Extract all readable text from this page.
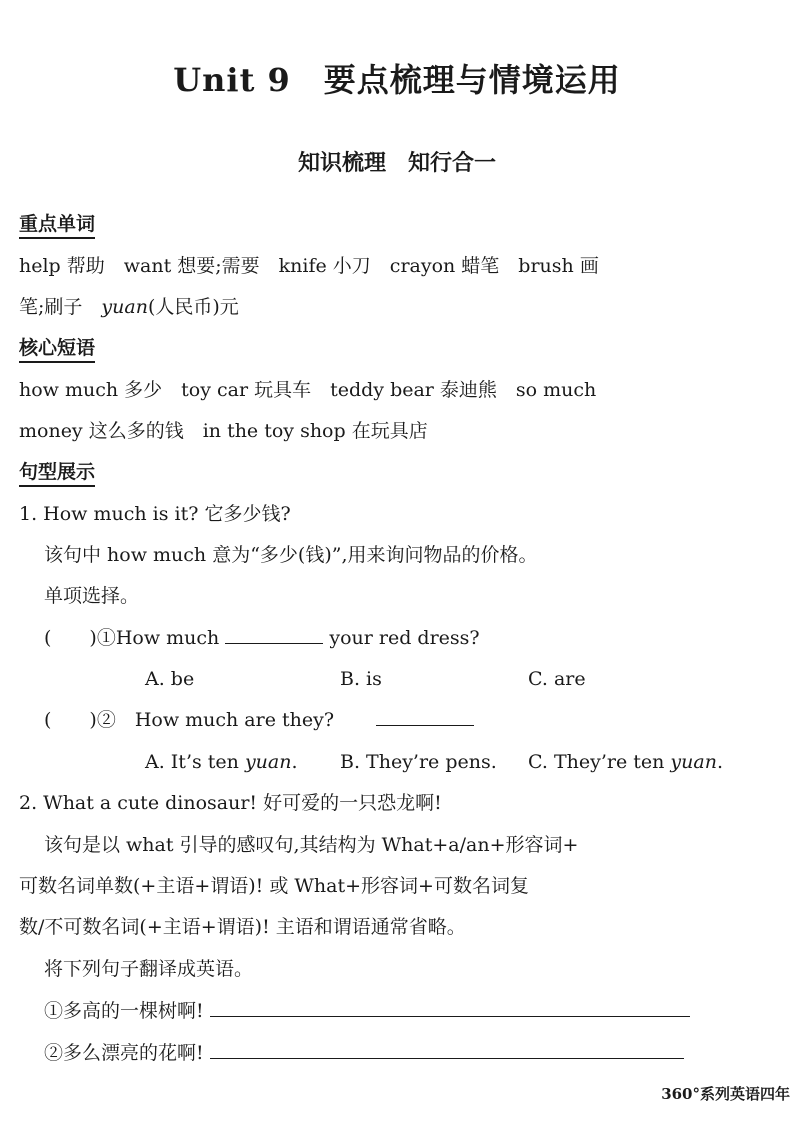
Unit 9　要点梳理与情境运用
知识梳理　知行合一
重点单词
help 帮助　want 想要;需要　knife 小刀　crayon 蜡笔　brush 画
笔;刷子　yuan(人民币)元
核心短语
how much 多少　toy car 玩具车　teddy bear 泰迪熊　so much
money 这么多的钱　in the toy shop 在玩具店
句型展示
1. How much is it? 它多少钱?
该句中 how much 意为“多少(钱)”,用来询问物品的价格。
单项选择。
(　　)①How much	your red dress?
A. be	B. is	C. are
(　　)②　How much are they?
A. It’s ten yuan. B. They’re pens. C. They’re ten yuan.
2. What a cute dinosaur! 好可爱的一只恐龙啊!
该句是以 what 引导的感叹句,其结构为 What+a/an+形容词+
可数名词单数(+主语+谓语)! 或 What+形容词+可数名词复
数/不可数名词(+主语+谓语)! 主语和谓语通常省略。
将下列句子翻译成英语。
①多高的一棵树啊!
②多么漂亮的花啊!
360°系列英语四年
